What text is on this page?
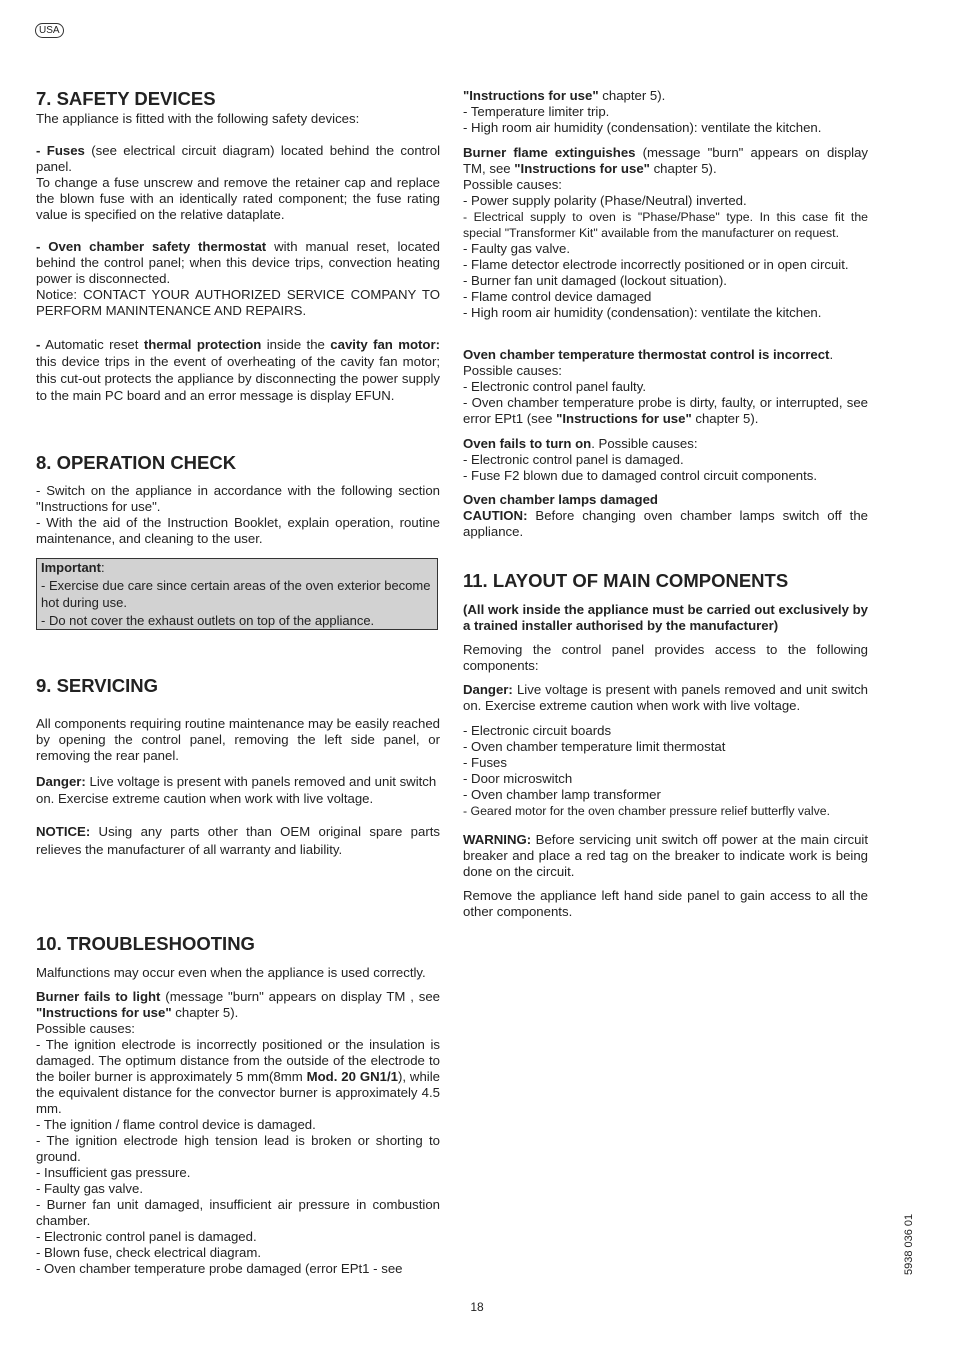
USA
7. SAFETY DEVICES

The appliance is fitted with the following safety devices:

- Fuses (see electrical circuit diagram) located behind the control panel.

To change a fuse unscrew and remove the retainer cap and replace the blown fuse with an identically rated component; the fuse rating value is specified on the relative dataplate.

- Oven chamber safety thermostat with manual reset, located behind the control panel; when this device trips, convection heating power is disconnected.

Notice: CONTACT YOUR AUTHORIZED SERVICE COMPANY TO PERFORM MANINTENANCE AND REPAIRS.

- Automatic reset thermal protection inside the cavity fan motor: this device trips in the event of overheating of the cavity fan motor; this cut-out protects the appliance by disconnecting the power supply to the main PC board and an error message is display EFUN.

8. OPERATION CHECK

- Switch on the appliance in accordance with the following section "Instructions for use".

- With the aid of the Instruction Booklet, explain operation, routine maintenance, and cleaning to the user.

Important:
- Exercise due care since certain areas of the oven exterior become hot during use.
- Do not cover the exhaust outlets on top of the appliance.
9. SERVICING

All components requiring routine maintenance may be easily reached by opening the control panel, removing the left side panel, or removing the rear panel.

Danger: Live voltage is present with panels removed and unit switch on. Exercise extreme caution when work with live voltage.

NOTICE: Using any parts other than OEM original spare parts relieves the manufacturer of all warranty and liability.

10. TROUBLESHOOTING

Malfunctions may occur even when the appliance is used correctly.

Burner fails to light (message "burn" appears on display TM , see "Instructions for use" chapter 5).

Possible causes:

- The ignition electrode is incorrectly positioned or the insulation is damaged. The optimum distance from the outside of the electrode to the boiler burner is approximately 5 mm(8mm Mod. 20 GN1/1), while the equivalent distance for the convector burner is approximately 4.5 mm.

- The ignition / flame control device is damaged.

- The ignition electrode high tension lead is broken or shorting to ground.

- Insufficient gas pressure.

- Faulty gas valve.

- Burner fan unit damaged, insufficient air pressure in combustion chamber.

- Electronic control panel is damaged.

- Blown fuse, check electrical diagram.

- Oven chamber temperature probe damaged (error EPt1 - see

"Instructions for use" chapter 5).

- Temperature limiter trip.

- High room air humidity (condensation): ventilate the kitchen.

Burner flame extinguishes (message "burn" appears on display TM, see "Instructions for use" chapter 5).

Possible causes:

- Power supply polarity (Phase/Neutral) inverted.

- Electrical supply to oven is "Phase/Phase" type. In this case fit the special "Transformer Kit" available from the manufacturer on request.

- Faulty gas valve.

- Flame detector electrode incorrectly positioned or in open circuit.

- Burner fan unit damaged (lockout situation).

- Flame control device damaged

- High room air humidity (condensation): ventilate the kitchen.

Oven chamber temperature thermostat control is incorrect.

Possible causes:

- Electronic control panel faulty.

- Oven chamber temperature probe is dirty, faulty, or interrupted, see error EPt1 (see "Instructions for use" chapter 5).

Oven fails to turn on. Possible causes:

- Electronic control panel is damaged.

- Fuse F2 blown due to damaged control circuit components.

Oven chamber lamps damaged

CAUTION: Before changing oven chamber lamps switch off the appliance.

11. LAYOUT OF MAIN COMPONENTS

(All work inside the appliance must be carried out exclusively by a trained installer authorised by the manufacturer)

Removing the control panel provides access to the following components:

Danger: Live voltage is present with panels removed and unit switch on. Exercise extreme caution when work with live voltage.

- Electronic circuit boards
- Oven chamber temperature limit thermostat
- Fuses
- Door microswitch
- Oven chamber lamp transformer
- Geared motor for the oven chamber pressure relief butterfly valve.

WARNING: Before servicing unit switch off power at the main circuit breaker and place a red tag on the breaker to indicate work is being done on the circuit.

Remove the appliance left hand side panel to gain access to all the other components.

5938 036 01
18
